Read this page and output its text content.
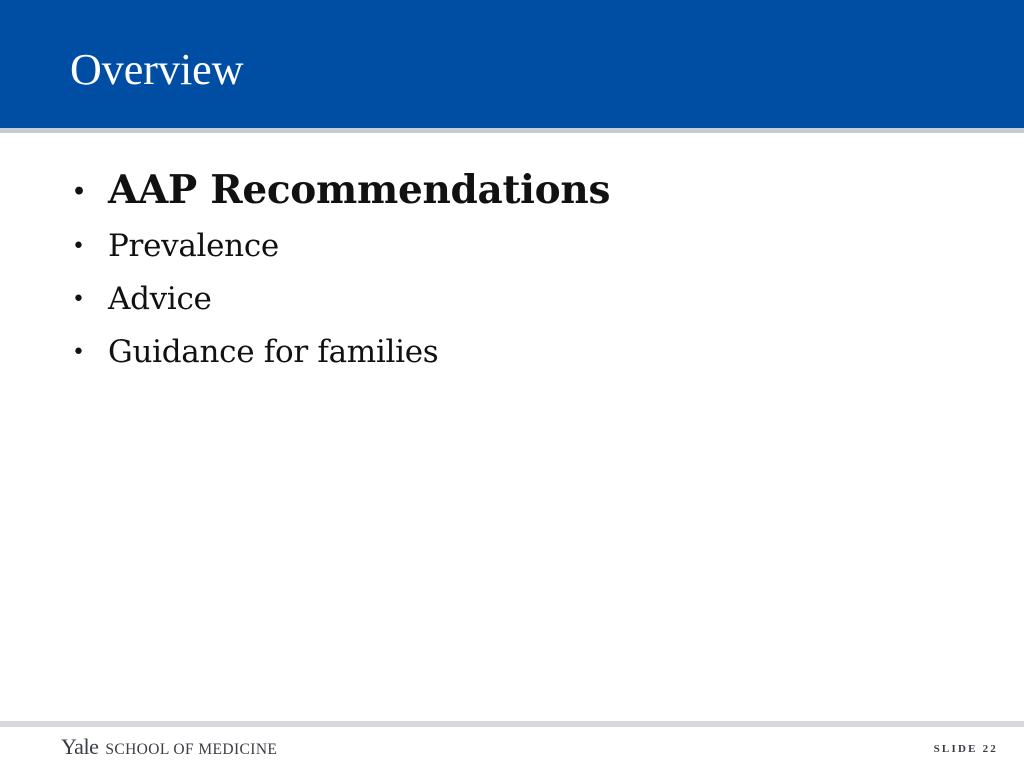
Overview
• AAP Recommendations
• Prevalence
• Advice
• Guidance for families
Yale SCHOOL OF MEDICINE	SLIDE 22
